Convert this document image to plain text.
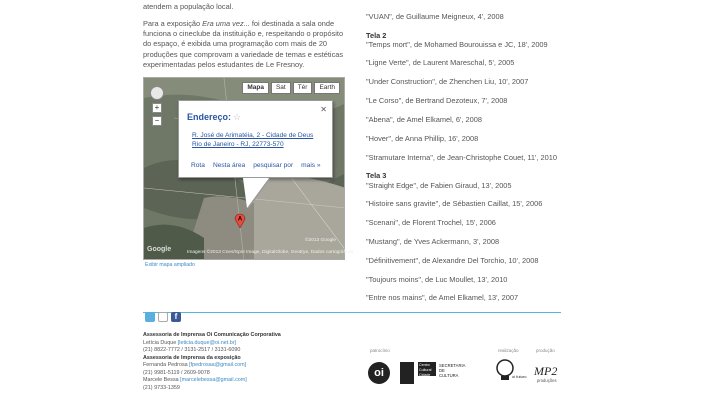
atendem a população local.
Para a exposição Era uma vez... foi destinada a sala onde funciona o cineclube da instituição e, respeitando o propósito do espaço, é exibida uma programação com mais de 20 produções que comprovam a variedade de temas e estéticas experimentadas pelos estudantes de Le Fresnoy.
+
−
Mapa	Sat	Tér	Earth
✕
Endereço: ☆
R. José de Arimatéia, 2 - Cidade de Deus
Rio de Janeiro - RJ, 22773-570
Rota Nesta área pesquisar por mais »
A
Google
©2013 Google
Imagens ©2013 Cnes/Spot Image, DigitalGlobe, GeoEye, Dados cartográficos
Exibir mapa ampliado
"VUAN", de Guillaume Meigneux, 4', 2008
Tela 2
"Temps mort", de Mohamed Bourouissa e JC, 18', 2009
"Ligne Verte", de Laurent Mareschal, 5', 2005
"Under Construction", de Zhenchen Liu, 10', 2007
"Le Corso", de Bertrand Dezoteux, 7', 2008
"Abena", de Amel Elkamel, 6', 2008
"Hover", de Anna Phillip, 16', 2008
"Stramutare Interna", de Jean-Christophe Couet, 11', 2010
Tela 3
"Straight Edge", de Fabien Giraud, 13', 2005
"Histoire sans gravite", de Sébastien Caillat, 15', 2006
"Scenani", de Florent Trochel, 15', 2006
"Mustang", de Yves Ackermann, 3', 2008
"Définitivement", de Alexandre Del Torchio, 10', 2008
"Toujours moins", de Luc Moullet, 13', 2010
"Entre nos mains", de Amel Elkamel, 13', 2007
f
Assessoria de Imprensa Oi Comunicação Corporativa
Letícia Duque [leticia.duque@oi.net.br]
(21) 8822-7772 / 3131-2517 / 3131-6090
Assessoria de Imprensa da exposição
Fernanda Pedrosa [fpedrosaa@gmail.com]
(21) 9981-5119 / 2609-9078
Marcele Bessa [marcelebessa@gmail.com]
(21) 9733-1359
patrocínio
oi
Centro Cultural Cidade de Deus
SECRETARIA DE CULTURA
realização
oi futuro
produção
MP2
produções
